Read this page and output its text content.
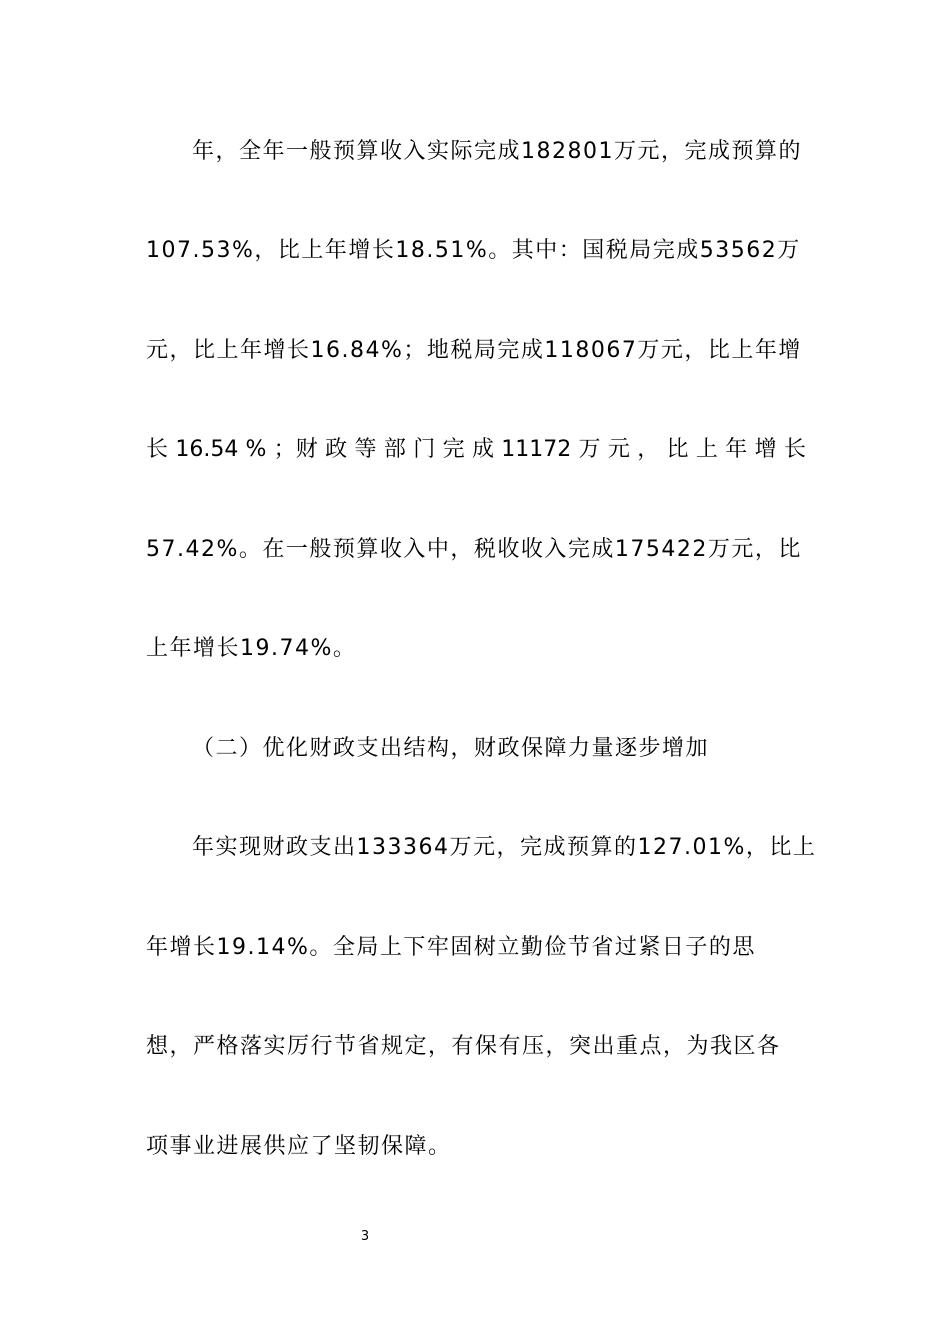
年，全年一般预算收入实际完成182801万元，完成预算的
107.53%，比上年增长18.51%。其中：国税局完成53562万
元，比上年增长16.84%；地税局完成118067万元，比上年增
长 16.54 % ；财 政 等 部 门 完 成 11172 万 元 ， 比 上 年 增 长
57.42%。在一般预算收入中，税收收入完成175422万元，比
上年增长19.74%。
（二）优化财政支出结构，财政保障力量逐步增加
年实现财政支出133364万元，完成预算的127.01%，比上
年增长19.14%。全局上下牢固树立勤俭节省过紧日子的思
想，严格落实厉行节省规定，有保有压，突出重点，为我区各
项事业进展供应了坚韧保障。
3
